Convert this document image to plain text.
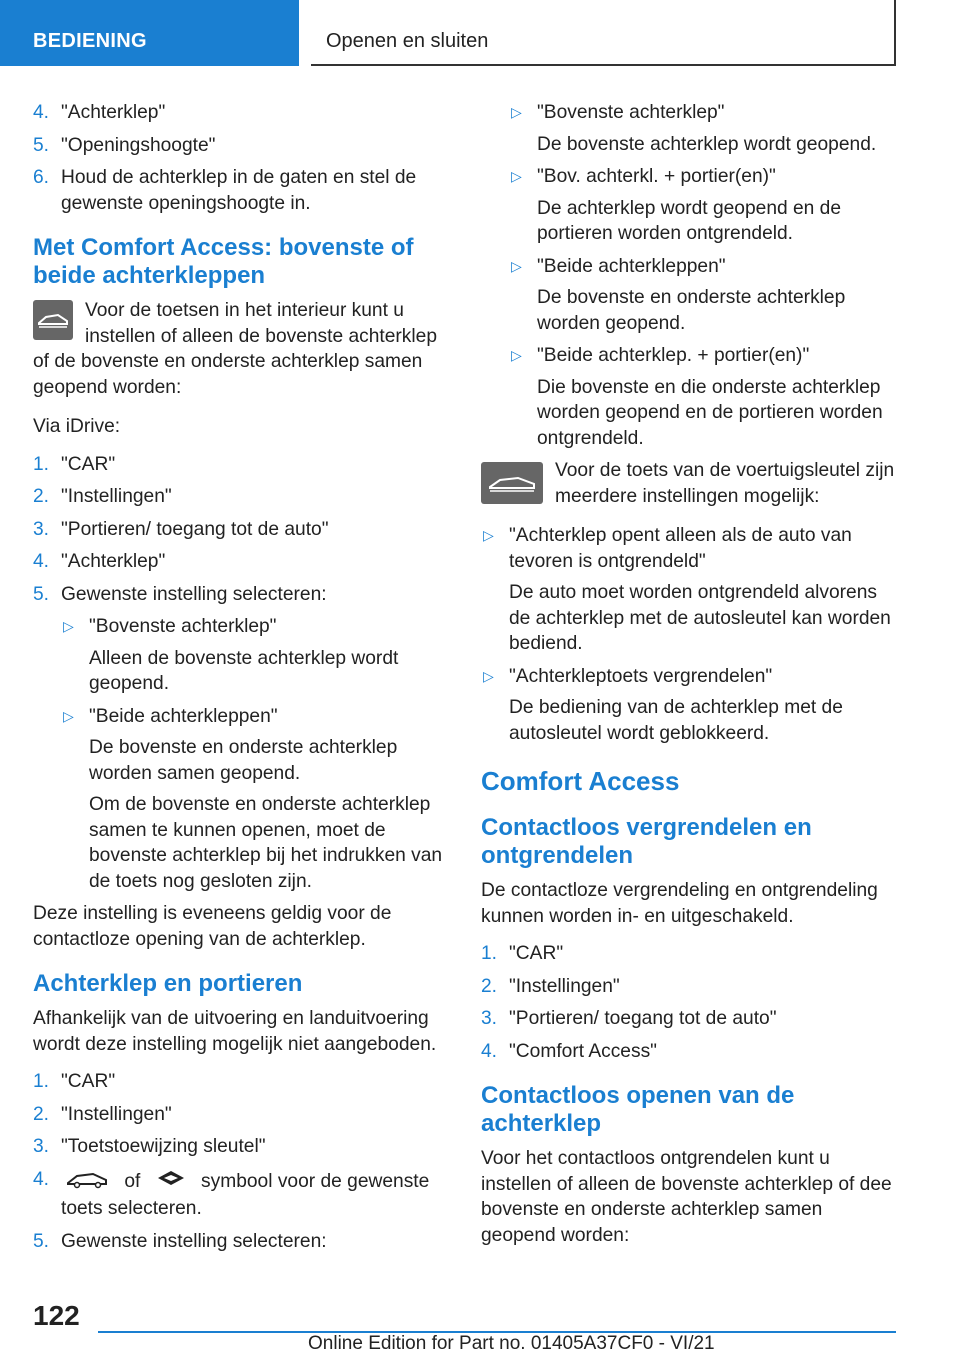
BEDIENING	Openen en sluiten
4. "Achterklep"
5. "Openingshoogte"
6. Houd de achterklep in de gaten en stel de gewenste openingshoogte in.
Met Comfort Access: bovenste of beide achterkleppen

Voor de toetsen in het interieur kunt u instellen of alleen de bovenste achterklep of de bovenste en onderste achterklep samen geopend worden:

Via iDrive:

1. "CAR"
2. "Instellingen"
3. "Portieren/ toegang tot de auto"
4. "Achterklep"
5. Gewenste instelling selecteren:
▷ "Bovenste achterklep"
Alleen de bovenste achterklep wordt geopend.
▷ "Beide achterkleppen"
De bovenste en onderste achterklep worden samen geopend.
Om de bovenste en onderste achterklep samen te kunnen openen, moet de bovenste achterklep bij het indrukken van de toets nog gesloten zijn.

Deze instelling is eveneens geldig voor de contactloze opening van de achterklep.

Achterklep en portieren

Afhankelijk van de uitvoering en landuitvoering wordt deze instelling mogelijk niet aangeboden.

1. "CAR"
2. "Instellingen"
3. "Toetstoewijzing sleutel"
4.	of	symbool voor de gewenste toets selecteren.
5. Gewenste instelling selecteren:
▷ "Bovenste achterklep"
De bovenste achterklep wordt geopend.
▷ "Bov. achterkl. + portier(en)"
De achterklep wordt geopend en de portieren worden ontgrendeld.
▷ "Beide achterkleppen"
De bovenste en onderste achterklep worden geopend.
▷ "Beide achterklep. + portier(en)"
Die bovenste en die onderste achterklep worden geopend en de portieren worden ontgrendeld.

Voor de toets van de voertuigsleutel zijn meerdere instellingen mogelijk:

▷ "Achterklep opent alleen als de auto van tevoren is ontgrendeld"
De auto moet worden ontgrendeld alvorens de achterklep met de autosleutel kan worden bediend.
▷ "Achterkleptoets vergrendelen"
De bediening van de achterklep met de autosleutel wordt geblokkeerd.
Comfort Access
Contactloos vergrendelen en ontgrendelen

De contactloze vergrendeling en ontgrendeling kunnen worden in- en uitgeschakeld.

1. "CAR"
2. "Instellingen"
3. "Portieren/ toegang tot de auto"
4. "Comfort Access"
Contactloos openen van de achterklep

Voor het contactloos ontgrendelen kunt u instellen of alleen de bovenste achterklep of dee bovenste en onderste achterklep samen geopend worden:

122
Online Edition for Part no. 01405A37CF0 - VI/21
